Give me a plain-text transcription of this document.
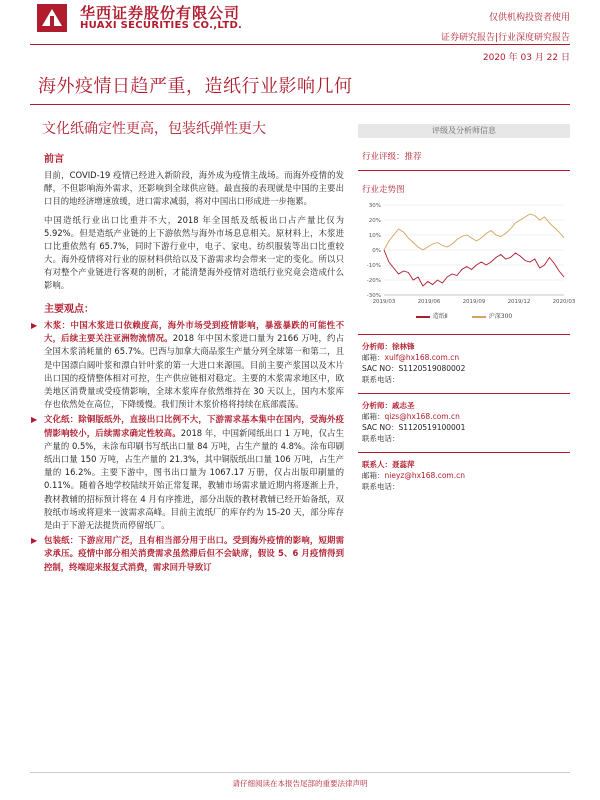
华西证券股份有限公司
HUAXI SECURITIES CO.,LTD.
仅供机构投资者使用
证券研究报告|行业深度研究报告
2020 年 03 月 22 日
海外疫情日趋严重，造纸行业影响几何
文化纸确定性更高，包装纸弹性更大
前言

目前，COVID-19 疫情已经进入新阶段，海外成为疫情主战场。而海外疫情的发酵，不但影响海外需求，还影响到全球供应链。最直接的表现就是中国的主要出口目的地经济增速放缓，进口需求减弱，将对中国出口形成进一步拖累。

中国造纸行业出口比重并不大，2018 年全国纸及纸板出口占产量比仅为 5.92%。但是造纸产业链的上下游依然与海外市场息息相关。原材料上，木浆进口比重依然有 65.7%，同时下游行业中，电子、家电、纺织服装等出口比重较大。海外疫情将对行业的原材料供给以及下游需求均会带来一定的变化。所以只有对整个产业链进行客观的剖析，才能清楚海外疫情对造纸行业究竟会造成什么影响。

主要观点：

▶ 木浆：中国木浆进口依赖度高，海外市场受到疫情影响，暴涨暴跌的可能性不大，后续主要关注亚洲物流情况。2018 年中国木浆进口量为 2166 万吨，约占全国木浆消耗量的 65.7%。巴西与加拿大商品浆生产量分列全球第一和第二，且是中国漂白阔叶浆和漂白针叶浆的第一大进口来源国。目前主要产浆国以及木片出口国的疫情整体相对可控，生产供应链相对稳定。主要的木浆需求地区中，欧美地区消费量或受疫情影响，全球木浆库存依然维持在 30 天以上，国内木浆库存也依然处在高位，下降缓慢。我们预计木浆价格将持续在底部震荡。

▶ 文化纸：除铜版纸外，直接出口比例不大，下游需求基本集中在国内，受海外疫情影响较小，后续需求确定性较高。2018 年，中国新闻纸出口 1 万吨，仅占生产量的 0.5%，未涂布印刷书写纸出口量 84 万吨，占生产量的 4.8%。涂布印刷纸出口量 150 万吨，占生产量的 21.3%，其中铜版纸出口量 106 万吨，占生产量的 16.2%。主要下游中，图书出口量为 1067.17 万册，仅占出版印刷量的 0.11%。随着各地学校陆续开始正常复课，教辅市场需求量近期内将逐渐上升，教材教辅的招标预计将在 4 月有序推进，部分出版的教材教辅已经开始备纸，双胶纸市场或将迎来一波需求高峰。目前主流纸厂的库存约为 15-20 天，部分库存是由于下游无法提货而停留纸厂。

▶ 包装纸：下游应用广泛，且有相当部分用于出口。受到海外疫情的影响，短期需求承压。疫情中部分相关消费需求虽然滞后但不会缺席，假设 5、6 月疫情得到控制，终端迎来报复式消费，需求回升导致订

评级及分析师信息
行业评级：推荐
行业走势图
30%
20%
10%
0%
-10%
-20%
-30%
2019/03	2019/06	2019/09	2019/12	2020/03
造纸Ⅱ	沪深300
分析师：徐林锋
邮箱：xulf@hx168.com.cn
SAC NO：S1120519080002
联系电话：
分析师：戚志圣
邮箱：qizs@hx168.com.cn
SAC NO：S1120519100001
联系电话：
联系人：聂蕊萍
邮箱：nieyz@hx168.com.cn
联系电话：
请仔细阅读在本报告尾部的重要法律声明
